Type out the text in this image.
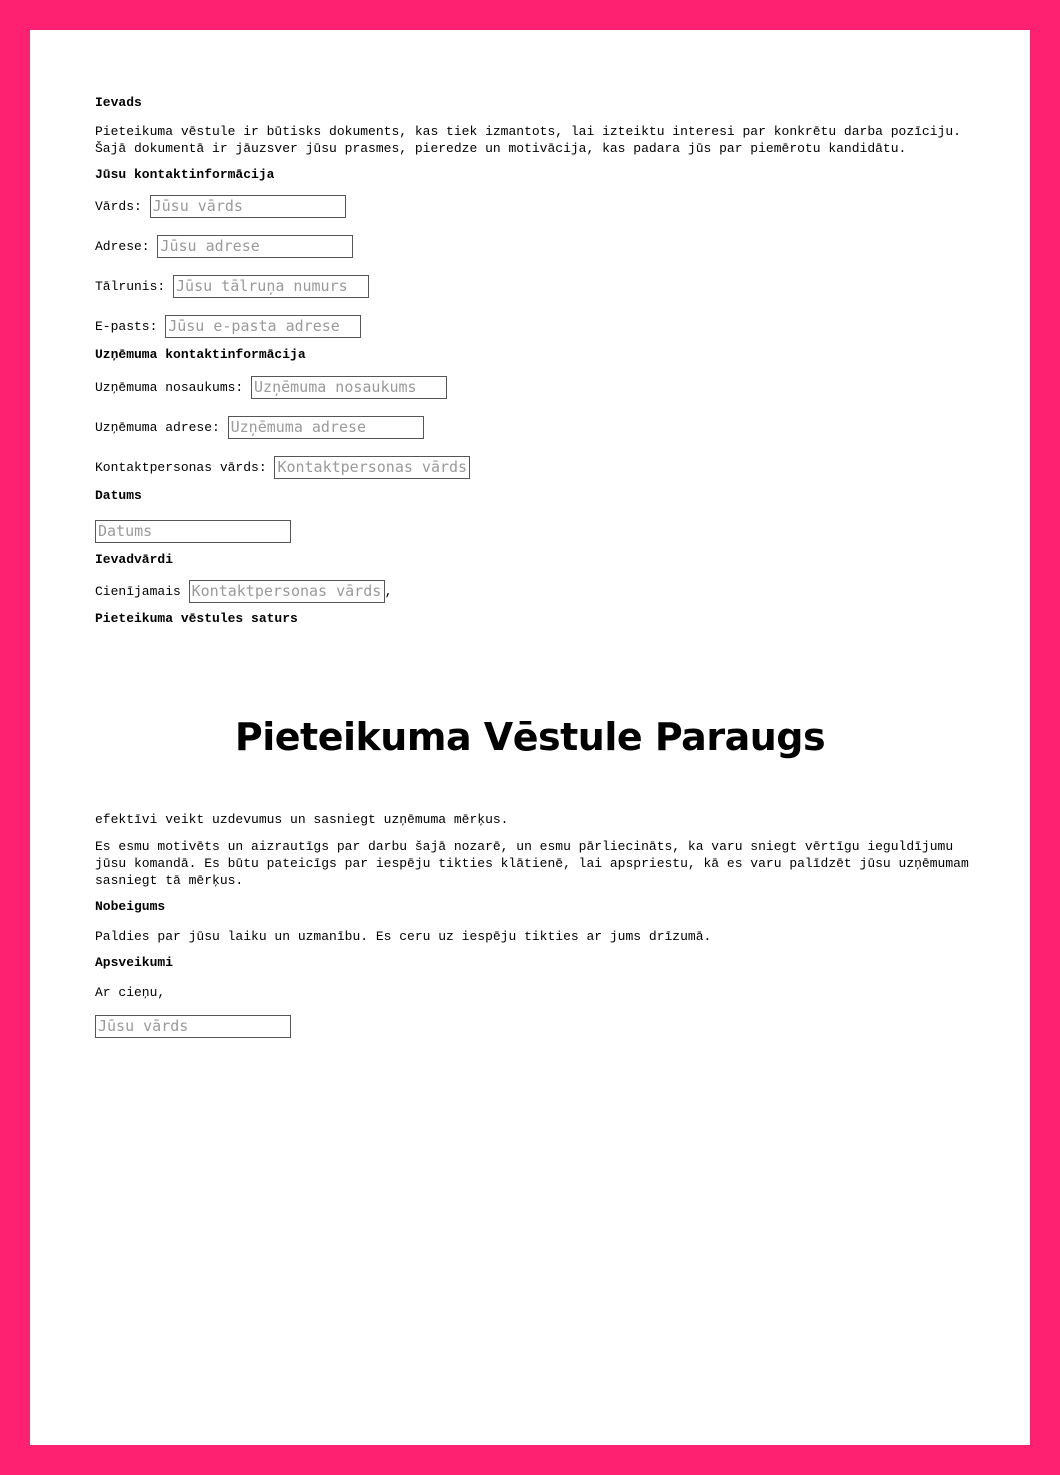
Ievads

Pieteikuma vēstule ir būtisks dokuments, kas tiek izmantots, lai izteiktu interesi par konkrētu darba pozīciju. Šajā dokumentā ir jāuzsver jūsu prasmes, pieredze un motivācija, kas padara jūs par piemērotu kandidātu.

Jūsu kontaktinformācija
Vārds:
Jūsu vārds
Adrese:
Jūsu adrese
Tālrunis:
Jūsu tālruņa numurs
E-pasts:
Jūsu e-pasta adrese
Uzņēmuma kontaktinformācija
Uzņēmuma nosaukums:
Uzņēmuma nosaukums
Uzņēmuma adrese:
Uzņēmuma adrese
Kontaktpersonas vārds:
Kontaktpersonas vārds
Datums
Datums
Ievadvārdi
Cienījamais
Kontaktpersonas vārds	,
Pieteikuma vēstules saturs

efektīvi veikt uzdevumus un sasniegt uzņēmuma mērķus.

Pieteikuma Vēstule Paraugs

Es esmu motivēts un aizrautīgs par darbu šajā nozarē, un esmu pārliecināts, ka varu sniegt vērtīgu ieguldījumu jūsu komandā. Es būtu pateicīgs par iespēju tikties klātienē, lai apspriestu, kā es varu palīdzēt jūsu uzņēmumam sasniegt tā mērķus.

Nobeigums

Paldies par jūsu laiku un uzmanību. Es ceru uz iespēju tikties ar jums drīzumā.

Apsveikumi

Ar cieņu,

Jūsu vārds
